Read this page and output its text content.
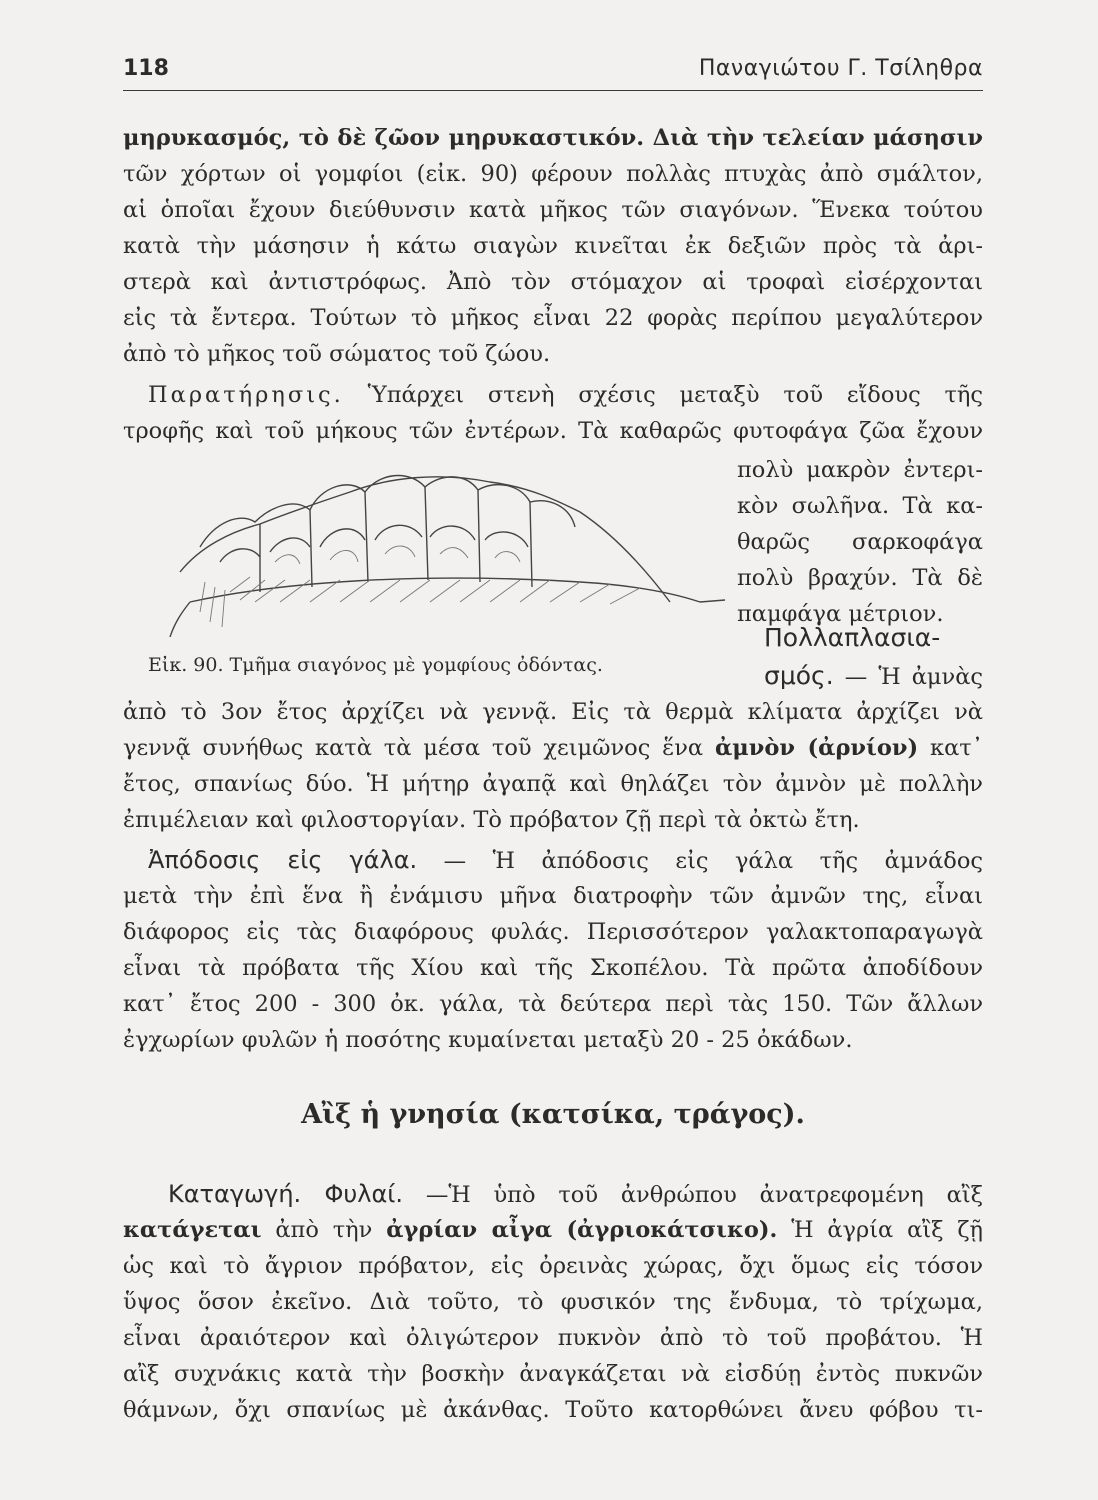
118	Παναγιώτου Γ. Τσίληθρα
μηρυκασμός, τὸ δὲ ζῶον μηρυκαστικόν. Διὰ τὴν τελείαν μάσησιν
τῶν χόρτων οἱ γομφίοι (εἰκ. 90) φέρουν πολλὰς πτυχὰς ἀπὸ σμάλτον,
αἱ ὁποῖαι ἔχουν διεύθυνσιν κατὰ μῆκος τῶν σιαγόνων. Ἕνεκα τούτου
κατὰ τὴν μάσησιν ἡ κάτω σιαγὼν κινεῖται ἐκ δεξιῶν πρὸς τὰ ἀρι-
στερὰ καὶ ἀντιστρόφως. Ἀπὸ τὸν στόμαχον αἱ τροφαὶ εἰσέρχονται
εἰς τὰ ἔντερα. Τούτων τὸ μῆκος εἶναι 22 φορὰς περίπου μεγαλύτερον
ἀπὸ τὸ μῆκος τοῦ σώματος τοῦ ζώου.
Παρατήρησις. Ὑπάρχει στενὴ σχέσις μεταξὺ τοῦ εἴδους τῆς
τροφῆς καὶ τοῦ μήκους τῶν ἐντέρων. Τὰ καθαρῶς φυτοφάγα ζῶα ἔχουν
πολὺ μακρὸν ἐντερι-
κὸν σωλῆνα. Τὰ κα-
θαρῶς σαρκοφάγα
πολὺ βραχύν. Τὰ δὲ
παμφάγα μέτριον.
Εἰκ. 90. Τμῆμα σιαγόνος μὲ γομφίους ὀδόντας.
Πολλαπλασια-
σμός. — Ἡ ἀμνὰς
ἀπὸ τὸ 3ον ἔτος ἀρχίζει νὰ γεννᾷ. Εἰς τὰ θερμὰ κλίματα ἀρχίζει νὰ
γεννᾷ συνήθως κατὰ τὰ μέσα τοῦ χειμῶνος ἕνα ἀμνὸν (ἀρνίον) κατ᾽
ἔτος, σπανίως δύο. Ἡ μήτηρ ἀγαπᾷ καὶ θηλάζει τὸν ἀμνὸν μὲ πολλὴν
ἐπιμέλειαν καὶ φιλοστοργίαν. Τὸ πρόβατον ζῇ περὶ τὰ ὀκτὼ ἔτη.
Ἀπόδοσις εἰς γάλα. — Ἡ ἀπόδοσις εἰς γάλα τῆς ἀμνάδος
μετὰ τὴν ἐπὶ ἕνα ἢ ἐνάμισυ μῆνα διατροφὴν τῶν ἀμνῶν της, εἶναι
διάφορος εἰς τὰς διαφόρους φυλάς. Περισσότερον γαλακτοπαραγωγὰ
εἶναι τὰ πρόβατα τῆς Χίου καὶ τῆς Σκοπέλου. Τὰ πρῶτα ἀποδίδουν
κατ᾽ ἔτος 200 - 300 ὀκ. γάλα, τὰ δεύτερα περὶ τὰς 150. Τῶν ἄλλων
ἐγχωρίων φυλῶν ἡ ποσότης κυμαίνεται μεταξὺ 20 - 25 ὀκάδων.
Αἲξ ἡ γνησία (κατσίκα, τράγος).
Καταγωγή. Φυλαί. —Ἡ ὑπὸ τοῦ ἀνθρώπου ἀνατρεφομένη αἲξ
κατάγεται ἀπὸ τὴν ἀγρίαν αἶγα (ἀγριοκάτσικο). Ἡ ἀγρία αἲξ ζῇ
ὡς καὶ τὸ ἄγριον πρόβατον, εἰς ὀρεινὰς χώρας, ὄχι ὅμως εἰς τόσον
ὕψος ὅσον ἐκεῖνο. Διὰ τοῦτο, τὸ φυσικόν της ἔνδυμα, τὸ τρίχωμα,
εἶναι ἀραιότερον καὶ ὀλιγώτερον πυκνὸν ἀπὸ τὸ τοῦ προβάτου. Ἡ
αἲξ συχνάκις κατὰ τὴν βοσκὴν ἀναγκάζεται νὰ εἰσδύῃ ἐντὸς πυκνῶν
θάμνων, ὄχι σπανίως μὲ ἀκάνθας. Τοῦτο κατορθώνει ἄνευ φόβου τι-
